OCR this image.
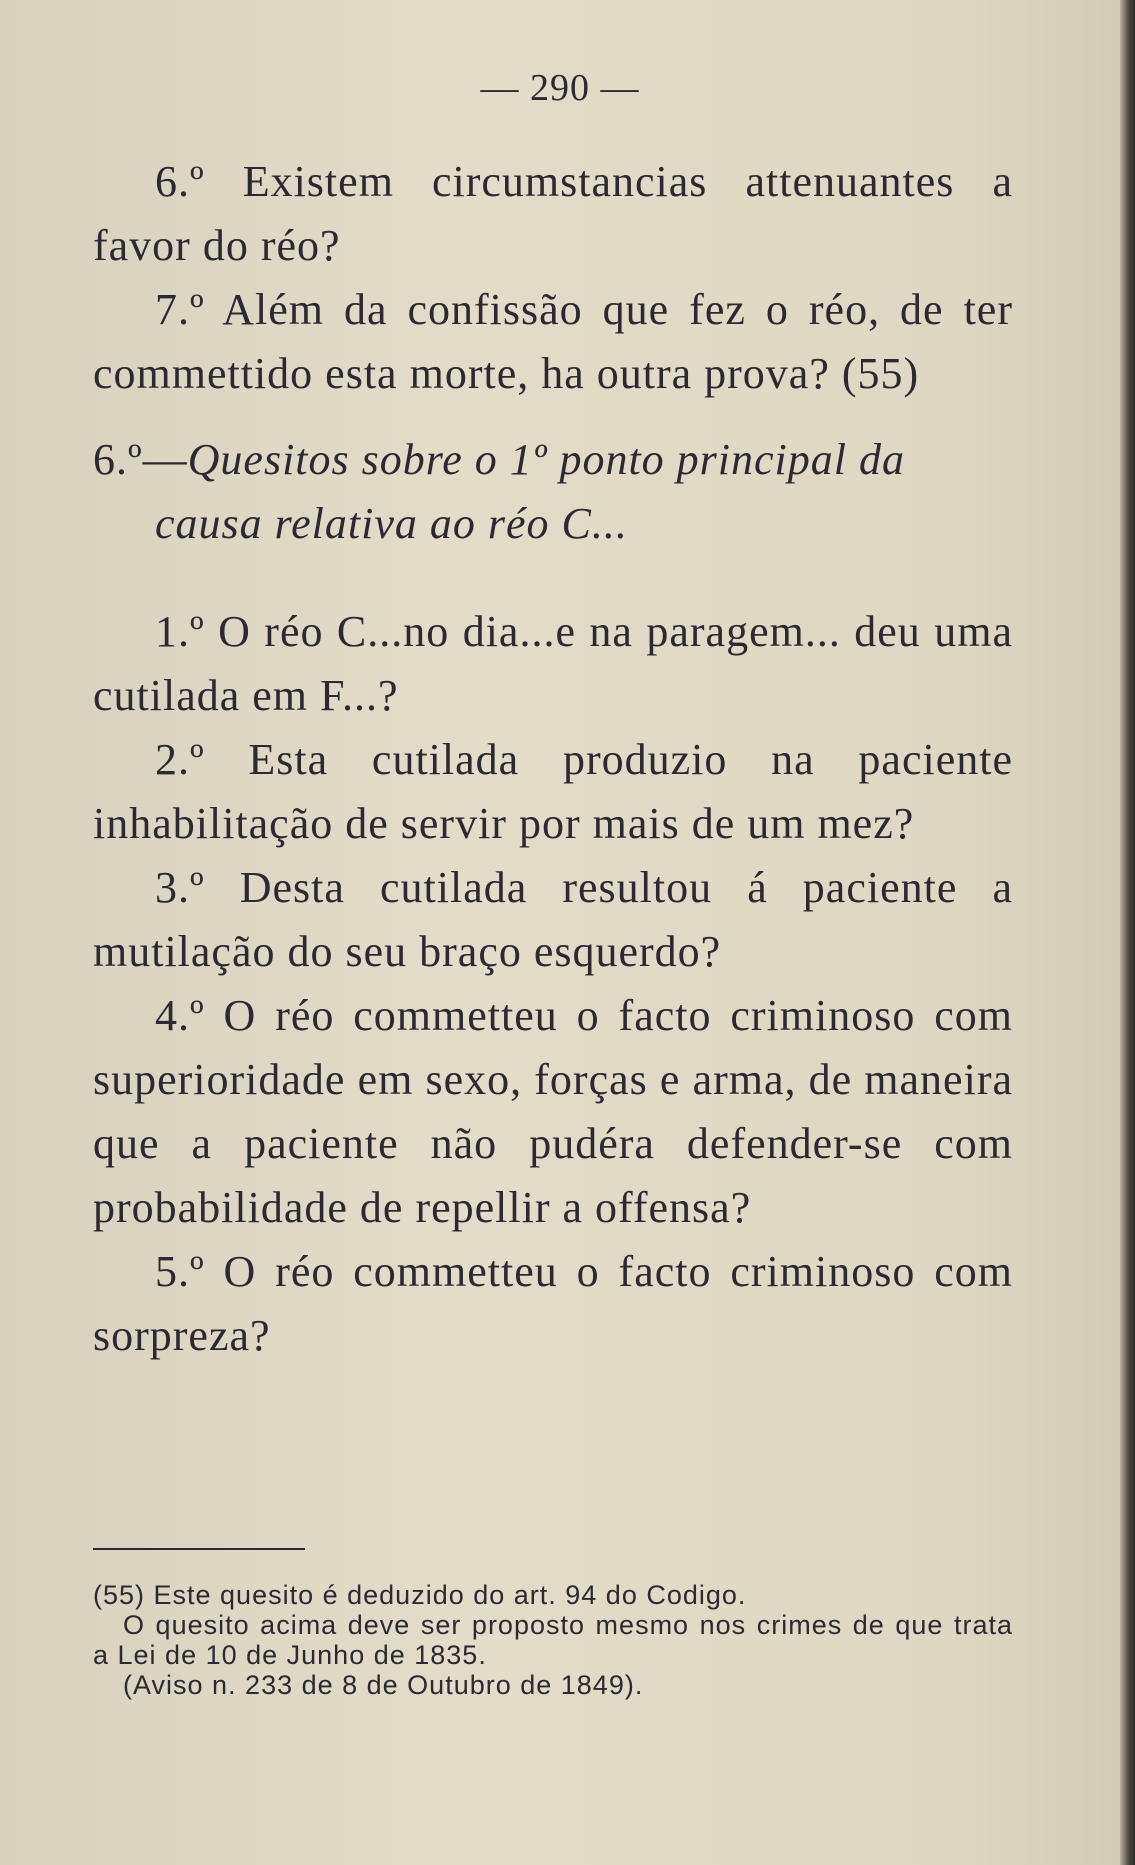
— 290 —

6.º Existem circumstancias attenuantes a favor do réo?

7.º Além da confissão que fez o réo, de ter commettido esta morte, ha outra prova? (55)

6.º—Quesitos sobre o 1º ponto principal da causa relativa ao réo C...

1.º O réo C...no dia...e na paragem... deu uma cutilada em F...?

2.º Esta cutilada produzio na paciente inhabilitação de servir por mais de um mez?

3.º Desta cutilada resultou á paciente a mutilação do seu braço esquerdo?

4.º O réo commetteu o facto criminoso com superioridade em sexo, forças e arma, de maneira que a paciente não pudéra defender-se com probabilidade de repellir a offensa?

5.º O réo commetteu o facto criminoso com sorpreza?

(55) Este quesito é deduzido do art. 94 do Codigo.

O quesito acima deve ser proposto mesmo nos crimes de que trata a Lei de 10 de Junho de 1835.

(Aviso n. 233 de 8 de Outubro de 1849).
